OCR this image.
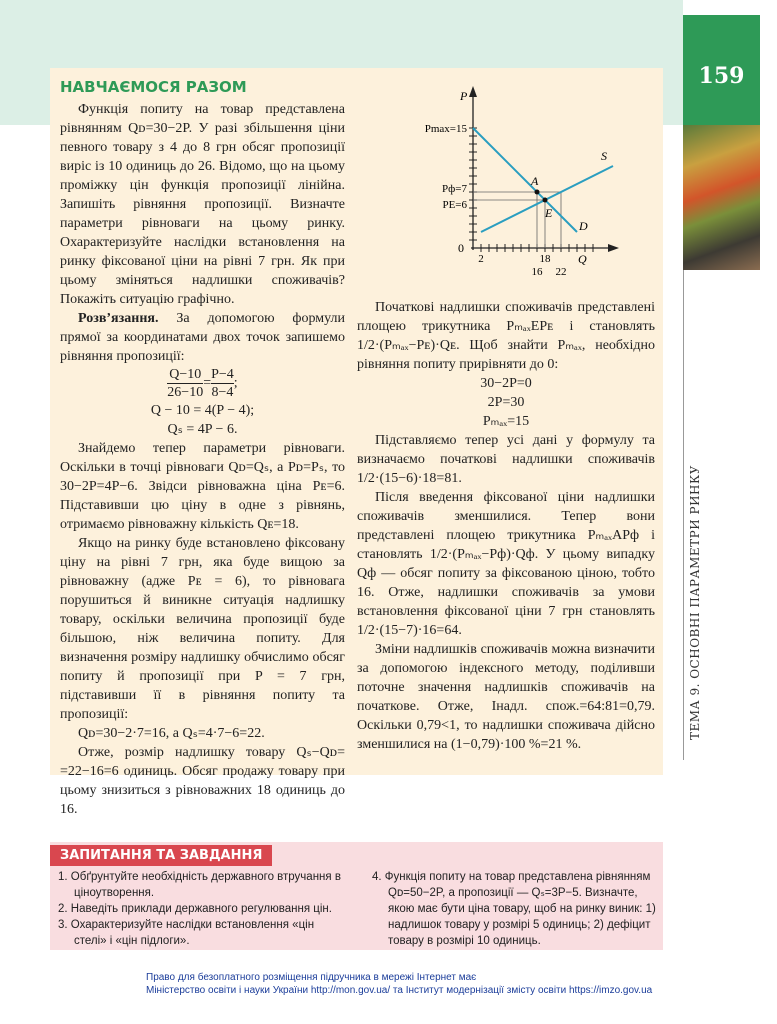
159
ТЕМА 9. ОСНОВНІ ПАРАМЕТРИ РИНКУ
НАВЧАЄМОСЯ РАЗОМ

Функція попиту на товар представлена рівнянням Qᴅ=30−2P. У разі збільшення ціни певного товару з 4 до 8 грн обсяг пропозиції виріс із 10 одиниць до 26. Відомо, що на цьому проміжку цін функція пропозиції лінійна. Запишіть рівняння пропозиції. Визначте параметри рівноваги на цьому ринку. Охарактеризуйте наслідки встановлення на ринку фіксованої ціни на рівні 7 грн. Як при цьому зміняться надлишки споживачів? Покажіть ситуацію графічно.

Розв’язання. За допомогою формули прямої за координатами двох точок запишемо рівняння пропозиції:

$\frac{Q-10}{26-10} = \frac{P-4}{8-4}$ ;

Q − 10 = 4(P − 4);

Qₛ = 4P − 6.

Знайдемо тепер параметри рівноваги. Оскільки в точці рівноваги Qᴅ=Qₛ, а Pᴅ=Pₛ, то 30−2P=4P−6. Звідси рівноважна ціна Pᴇ=6. Підставивши цю ціну в одне з рівнянь, отримаємо рівноважну кількість Qᴇ=18.

Якщо на ринку буде встановлено фіксовану ціну на рівні 7 грн, яка буде вищою за рівноважну (адже Pᴇ = 6), то рівновага порушиться й виникне ситуація надлишку товару, оскільки величина пропозиції буде більшою, ніж величина попиту. Для визначення розміру надлишку обчислимо обсяг попиту й пропозиції при P = 7 грн, підставивши її в рівняння попиту та пропозиції:

Qᴅ=30−2·7=16, а Qₛ=4·7−6=22.

Отже, розмір надлишку товару Qₛ−Qᴅ= =22−16=6 одиниць. Обсяг продажу товару при цьому знизиться з рівноважних 18 одиниць до 16.

P
Q
0
D
S
A
E
Pmax=15
Pф=7
PE=6
2	18
16 22

Початкові надлишки споживачів представлені площею трикутника PₘₐₓEPᴇ і становлять 1/2·(Pₘₐₓ−Pᴇ)·Qᴇ. Щоб знайти Pₘₐₓ, необхідно рівняння попиту прирівняти до 0:

30−2P=0

2P=30

Pₘₐₓ=15

Підставляємо тепер усі дані у формулу та визначаємо початкові надлишки споживачів 1/2·(15−6)·18=81.

Після введення фіксованої ціни надлишки споживачів зменшилися. Тепер вони представлені площею трикутника PₘₐₓAPф і становлять 1/2·(Pₘₐₓ−Pф)·Qф. У цьому випадку Qф — обсяг попиту за фіксованою ціною, тобто 16. Отже, надлишки споживачів за умови встановлення фіксованої ціни 7 грн становлять 1/2·(15−7)·16=64.

Зміни надлишків споживачів можна визначити за допомогою індексного методу, поділивши поточне значення надлишків споживачів на початкове. Отже, Iнадл. спож.=64:81=0,79. Оскільки 0,79<1, то надлишки споживача дійсно зменшилися на (1−0,79)·100 %=21 %.

ЗАПИТАННЯ ТА ЗАВДАННЯ
1. Обґрунтуйте необхідність державного втручання в ціноутворення.
2. Наведіть приклади державного регулювання цін.
3. Охарактеризуйте наслідки встановлення «цін стелі» і «цін підлоги».
4. Функція попиту на товар представлена рівнянням Qᴅ=50−2P, а пропозиції — Qₛ=3P−5. Визначте, якою має бути ціна товару, щоб на ринку виник: 1) надлишок товару у розмірі 5 одиниць; 2) дефіцит товару в розмірі 10 одиниць.
Право для безоплатного розміщення підручника в мережі Інтернет має
Міністерство освіти і науки України http://mon.gov.ua/ та Інститут модернізації змісту освіти https://imzo.gov.ua
